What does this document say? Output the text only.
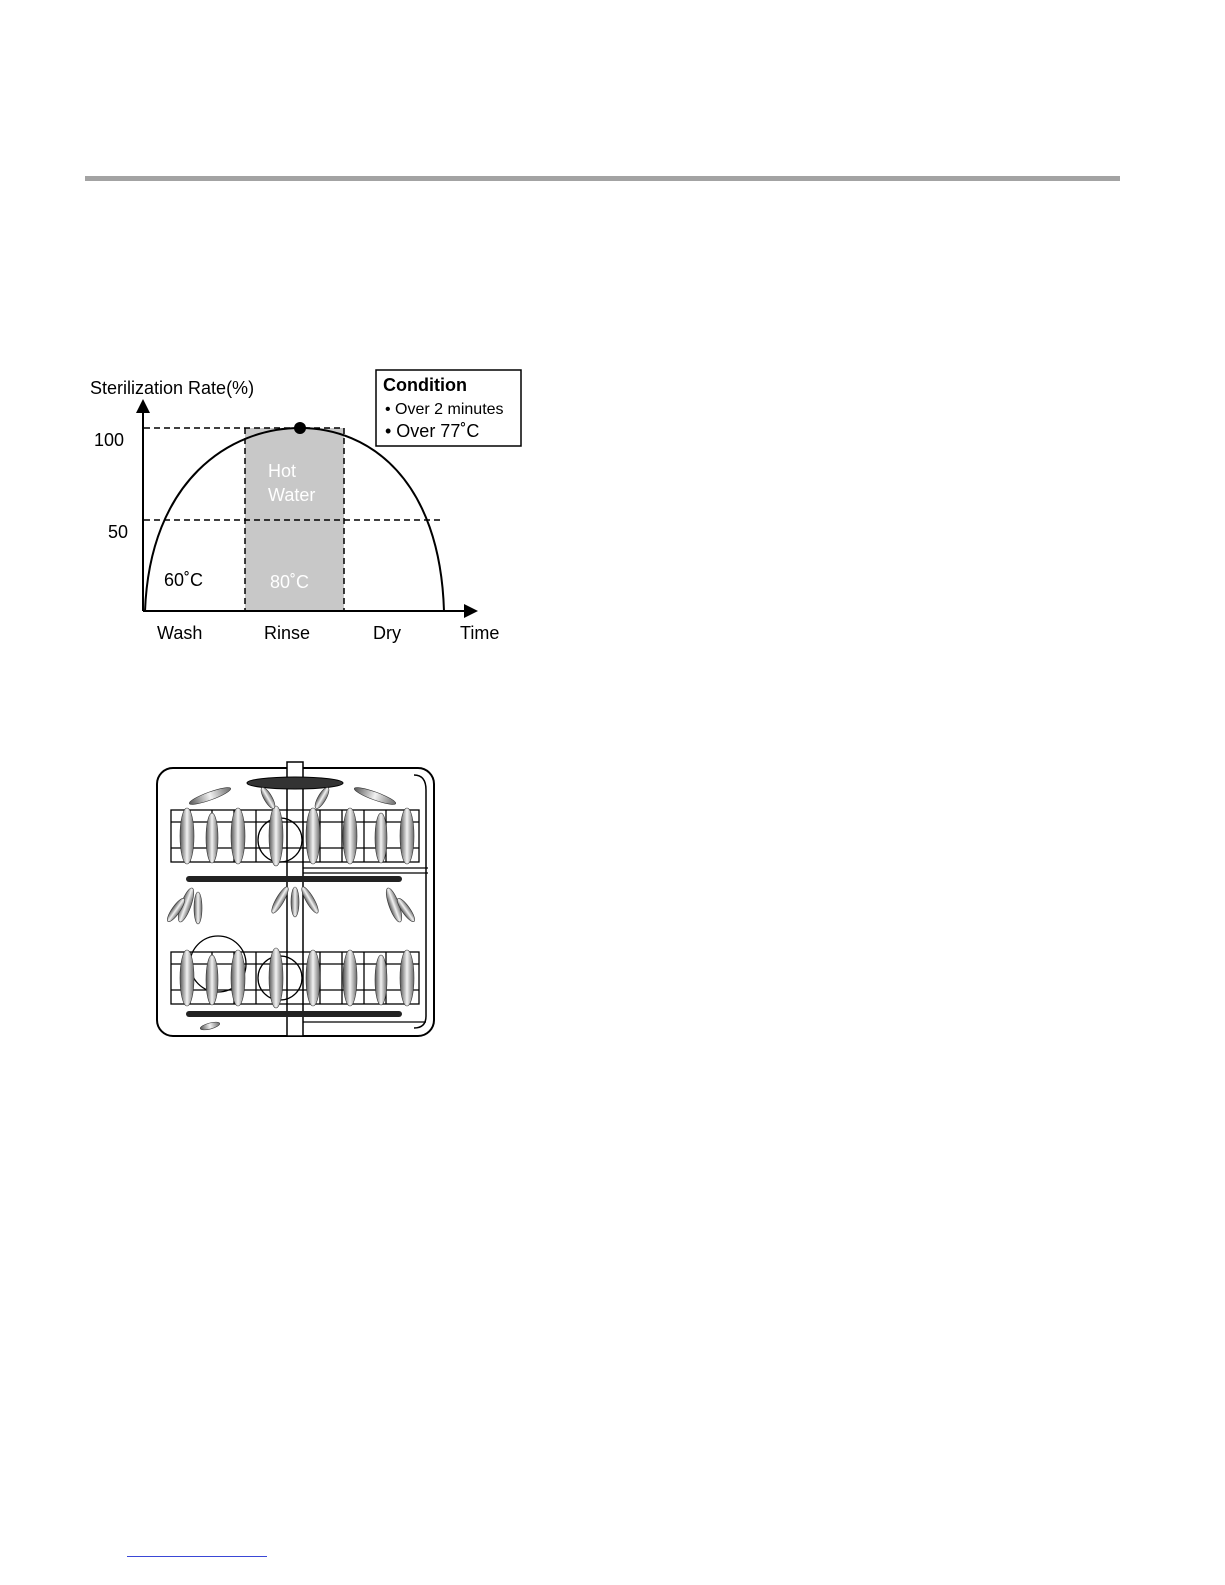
Sterilization Rate(%)
100
50
Wash	Rinse	Dry	Time
Hot
Water
60˚C	80˚C
Condition
• Over 2 minutes
• Over 77˚C
